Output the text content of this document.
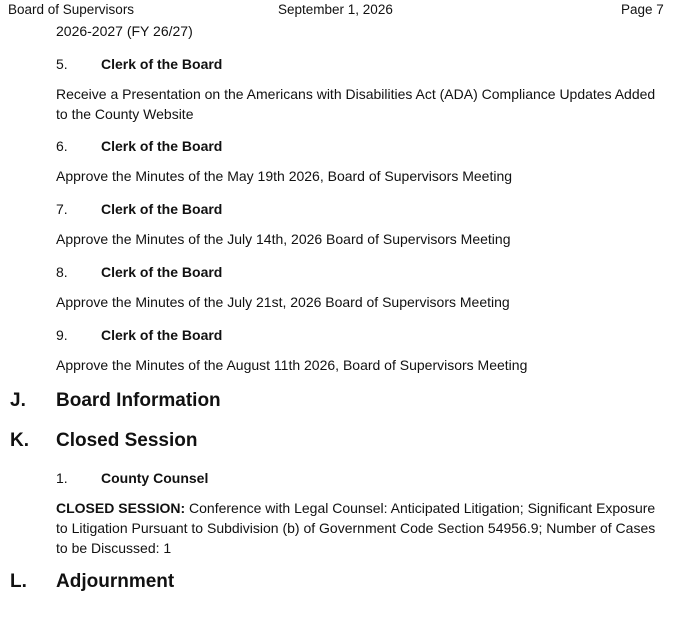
Board of Supervisors	September 1, 2026	Page 7
2026-2027 (FY 26/27)
5. Clerk of the Board
Receive a Presentation on the Americans with Disabilities Act (ADA) Compliance Updates Added to the County Website
6. Clerk of the Board
Approve the Minutes of the May 19th 2026, Board of Supervisors Meeting
7. Clerk of the Board
Approve the Minutes of the July 14th, 2026 Board of Supervisors Meeting
8. Clerk of the Board
Approve the Minutes of the July 21st, 2026 Board of Supervisors Meeting
9. Clerk of the Board
Approve the Minutes of the August 11th 2026, Board of Supervisors Meeting
J. Board Information
K. Closed Session
1. County Counsel
CLOSED SESSION: Conference with Legal Counsel: Anticipated Litigation; Significant Exposure to Litigation Pursuant to Subdivision (b) of Government Code Section 54956.9; Number of Cases to be Discussed: 1
L. Adjournment
